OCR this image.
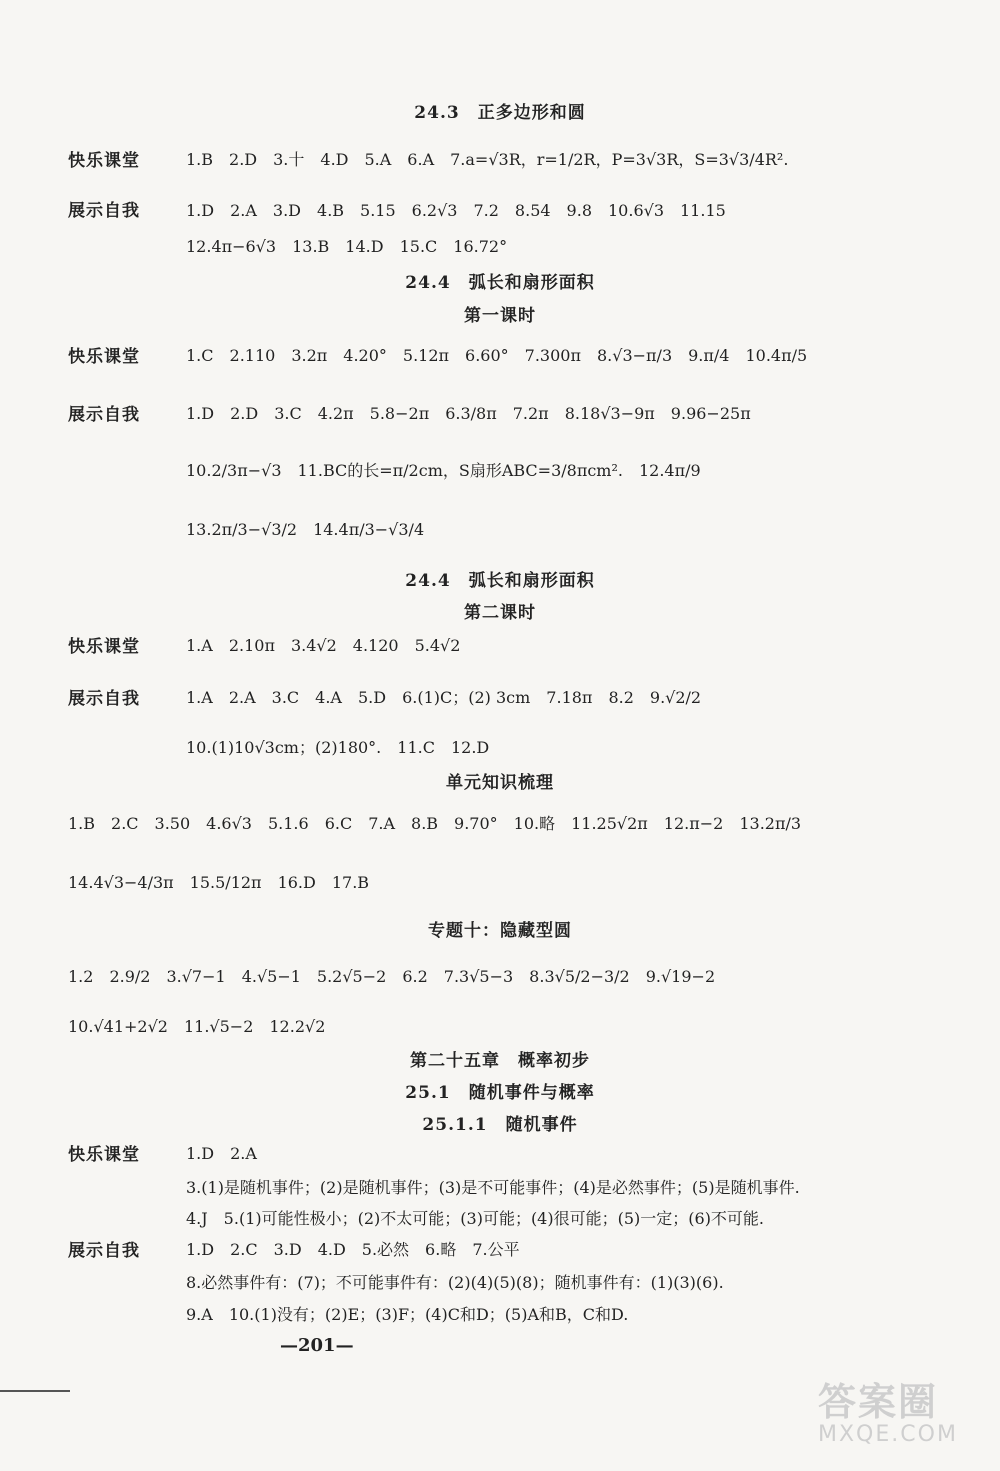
24.3　正多边形和圆
快乐课堂	1.B　2.D　3.十　4.D　5.A　6.A　7.a=√3R，r=1/2R，P=3√3R，S=3√3/4R².
展示自我	1.D　2.A　3.D　4.B　5.15　6.2√3　7.2　8.54　9.8　10.6√3　11.15
12.4π−6√3　13.B　14.D　15.C　16.72°
24.4　弧长和扇形面积
第一课时
快乐课堂	1.C　2.110　3.2π　4.20°　5.12π　6.60°　7.300π　8.√3−π/3　9.π/4　10.4π/5
展示自我	1.D　2.D　3.C　4.2π　5.8−2π　6.3/8π　7.2π　8.18√3−9π　9.96−25π
10.2/3π−√3　11.BC的长=π/2cm，S扇形ABC=3/8πcm².　12.4π/9
13.2π/3−√3/2　14.4π/3−√3/4
24.4　弧长和扇形面积
第二课时
快乐课堂	1.A　2.10π　3.4√2　4.120　5.4√2
展示自我	1.A　2.A　3.C　4.A　5.D　6.(1)C；(2) 3cm　7.18π　8.2　9.√2/2
10.(1)10√3cm；(2)180°.　11.C　12.D
单元知识梳理
1.B　2.C　3.50　4.6√3　5.1.6　6.C　7.A　8.B　9.70°　10.略　11.25√2π　12.π−2　13.2π/3
14.4√3−4/3π　15.5/12π　16.D　17.B
专题十：隐藏型圆
1.2　2.9/2　3.√7−1　4.√5−1　5.2√5−2　6.2　7.3√5−3　8.3√5/2−3/2　9.√19−2
10.√41+2√2　11.√5−2　12.2√2
第二十五章　概率初步
25.1　随机事件与概率
25.1.1　随机事件
快乐课堂	1.D　2.A
3.(1)是随机事件；(2)是随机事件；(3)是不可能事件；(4)是必然事件；(5)是随机事件.
4.J　5.(1)可能性极小；(2)不太可能；(3)可能；(4)很可能；(5)一定；(6)不可能.
展示自我	1.D　2.C　3.D　4.D　5.必然　6.略　7.公平
8.必然事件有：(7)；不可能事件有：(2)(4)(5)(8)；随机事件有：(1)(3)(6).
9.A　10.(1)没有；(2)E；(3)F；(4)C和D；(5)A和B，C和D.
—201—
答案圈
MXQE.COM
